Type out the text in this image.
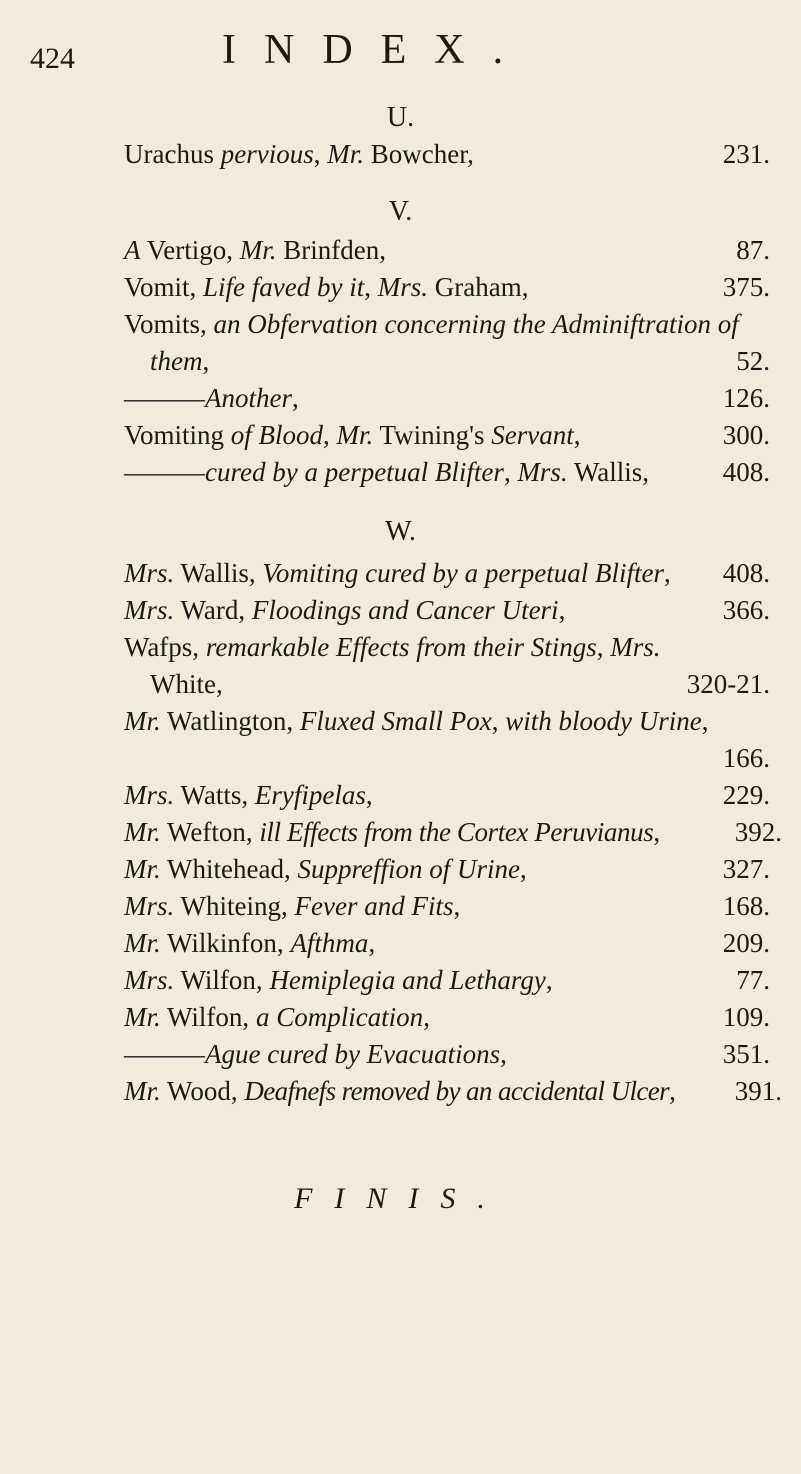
424	INDEX.
U.
Urachus pervious, Mr. Bowcher,	231.
V.
A Vertigo, Mr. Brinfden,	87.
Vomit, Life faved by it, Mrs. Graham,	375.
Vomits, an Obfervation concerning the Adminiftration of
them,	52.
———Another,	126.
Vomiting of Blood, Mr. Twining's Servant,	300.
———cured by a perpetual Blifter, Mrs. Wallis,	408.
W.
Mrs. Wallis, Vomiting cured by a perpetual Blifter, 408.
Mrs. Ward, Floodings and Cancer Uteri,	366.
Wafps, remarkable Effects from their Stings, Mrs.
White,	320-21.
Mr. Watlington, Fluxed Small Pox, with bloody Urine,
166.
Mrs. Watts, Eryfipelas,	229.
Mr. Wefton, ill Effects from the Cortex Peruvianus,	392.
Mr. Whitehead, Suppreffion of Urine,	327.
Mrs. Whiteing, Fever and Fits,	168.
Mr. Wilkinfon, Afthma,	209.
Mrs. Wilfon, Hemiplegia and Lethargy,	77.
Mr. Wilfon, a Complication,	109.
———Ague cured by Evacuations,	351.
Mr. Wood, Deafnefs removed by an accidental Ulcer, 391.
FINIS.
